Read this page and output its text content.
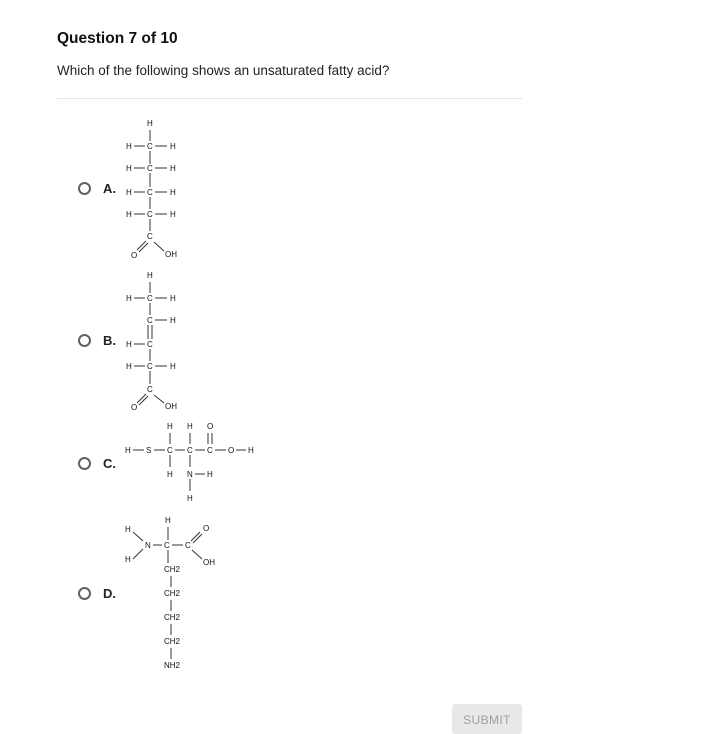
Question 7 of 10
Which of the following shows an unsaturated fatty acid?
A.
H
H C H
H C H
H C H
H C H
C
O	OH
B.
H
H C H
C H
H C
H C H
C
O	OH
C.
H H O
H S C C C O H
H N H
H
D.
H
H
H
N C C
O
OH
CH2
CH2
CH2
CH2
NH2
SUBMIT
